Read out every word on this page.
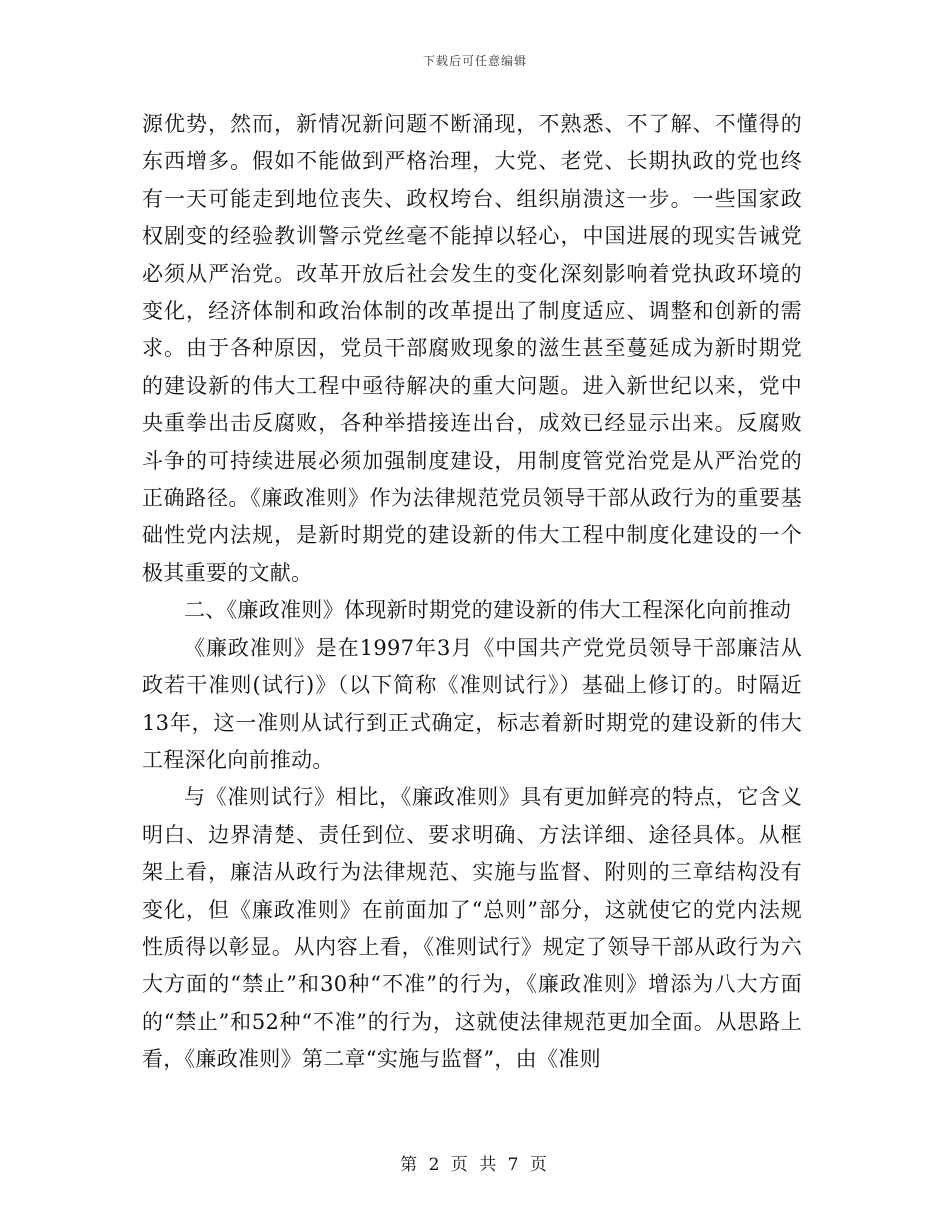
下载后可任意编辑

源优势，然而，新情况新问题不断涌现，不熟悉、不了解、不懂得的东西增多。假如不能做到严格治理，大党、老党、长期执政的党也终有一天可能走到地位丧失、政权垮台、组织崩溃这一步。一些国家政权剧变的经验教训警示党丝毫不能掉以轻心，中国进展的现实告诫党必须从严治党。改革开放后社会发生的变化深刻影响着党执政环境的变化，经济体制和政治体制的改革提出了制度适应、调整和创新的需求。由于各种原因，党员干部腐败现象的滋生甚至蔓延成为新时期党的建设新的伟大工程中亟待解决的重大问题。进入新世纪以来，党中央重拳出击反腐败，各种举措接连出台，成效已经显示出来。反腐败斗争的可持续进展必须加强制度建设，用制度管党治党是从严治党的正确路径。《廉政准则》作为法律规范党员领导干部从政行为的重要基础性党内法规，是新时期党的建设新的伟大工程中制度化建设的一个极其重要的文献。

二、《廉政准则》体现新时期党的建设新的伟大工程深化向前推动

《廉政准则》是在1997年3月《中国共产党党员领导干部廉洁从政若干准则(试行)》（以下简称《准则试行》）基础上修订的。时隔近13年，这一准则从试行到正式确定，标志着新时期党的建设新的伟大工程深化向前推动。

与《准则试行》相比，《廉政准则》具有更加鲜亮的特点，它含义明白、边界清楚、责任到位、要求明确、方法详细、途径具体。从框架上看，廉洁从政行为法律规范、实施与监督、附则的三章结构没有变化，但《廉政准则》在前面加了“总则”部分，这就使它的党内法规性质得以彰显。从内容上看，《准则试行》规定了领导干部从政行为六大方面的“禁止”和30种“不准”的行为，《廉政准则》增添为八大方面的“禁止”和52种“不准”的行为，这就使法律规范更加全面。从思路上看，《廉政准则》第二章“实施与监督”，由《准则

第 2 页 共 7 页
